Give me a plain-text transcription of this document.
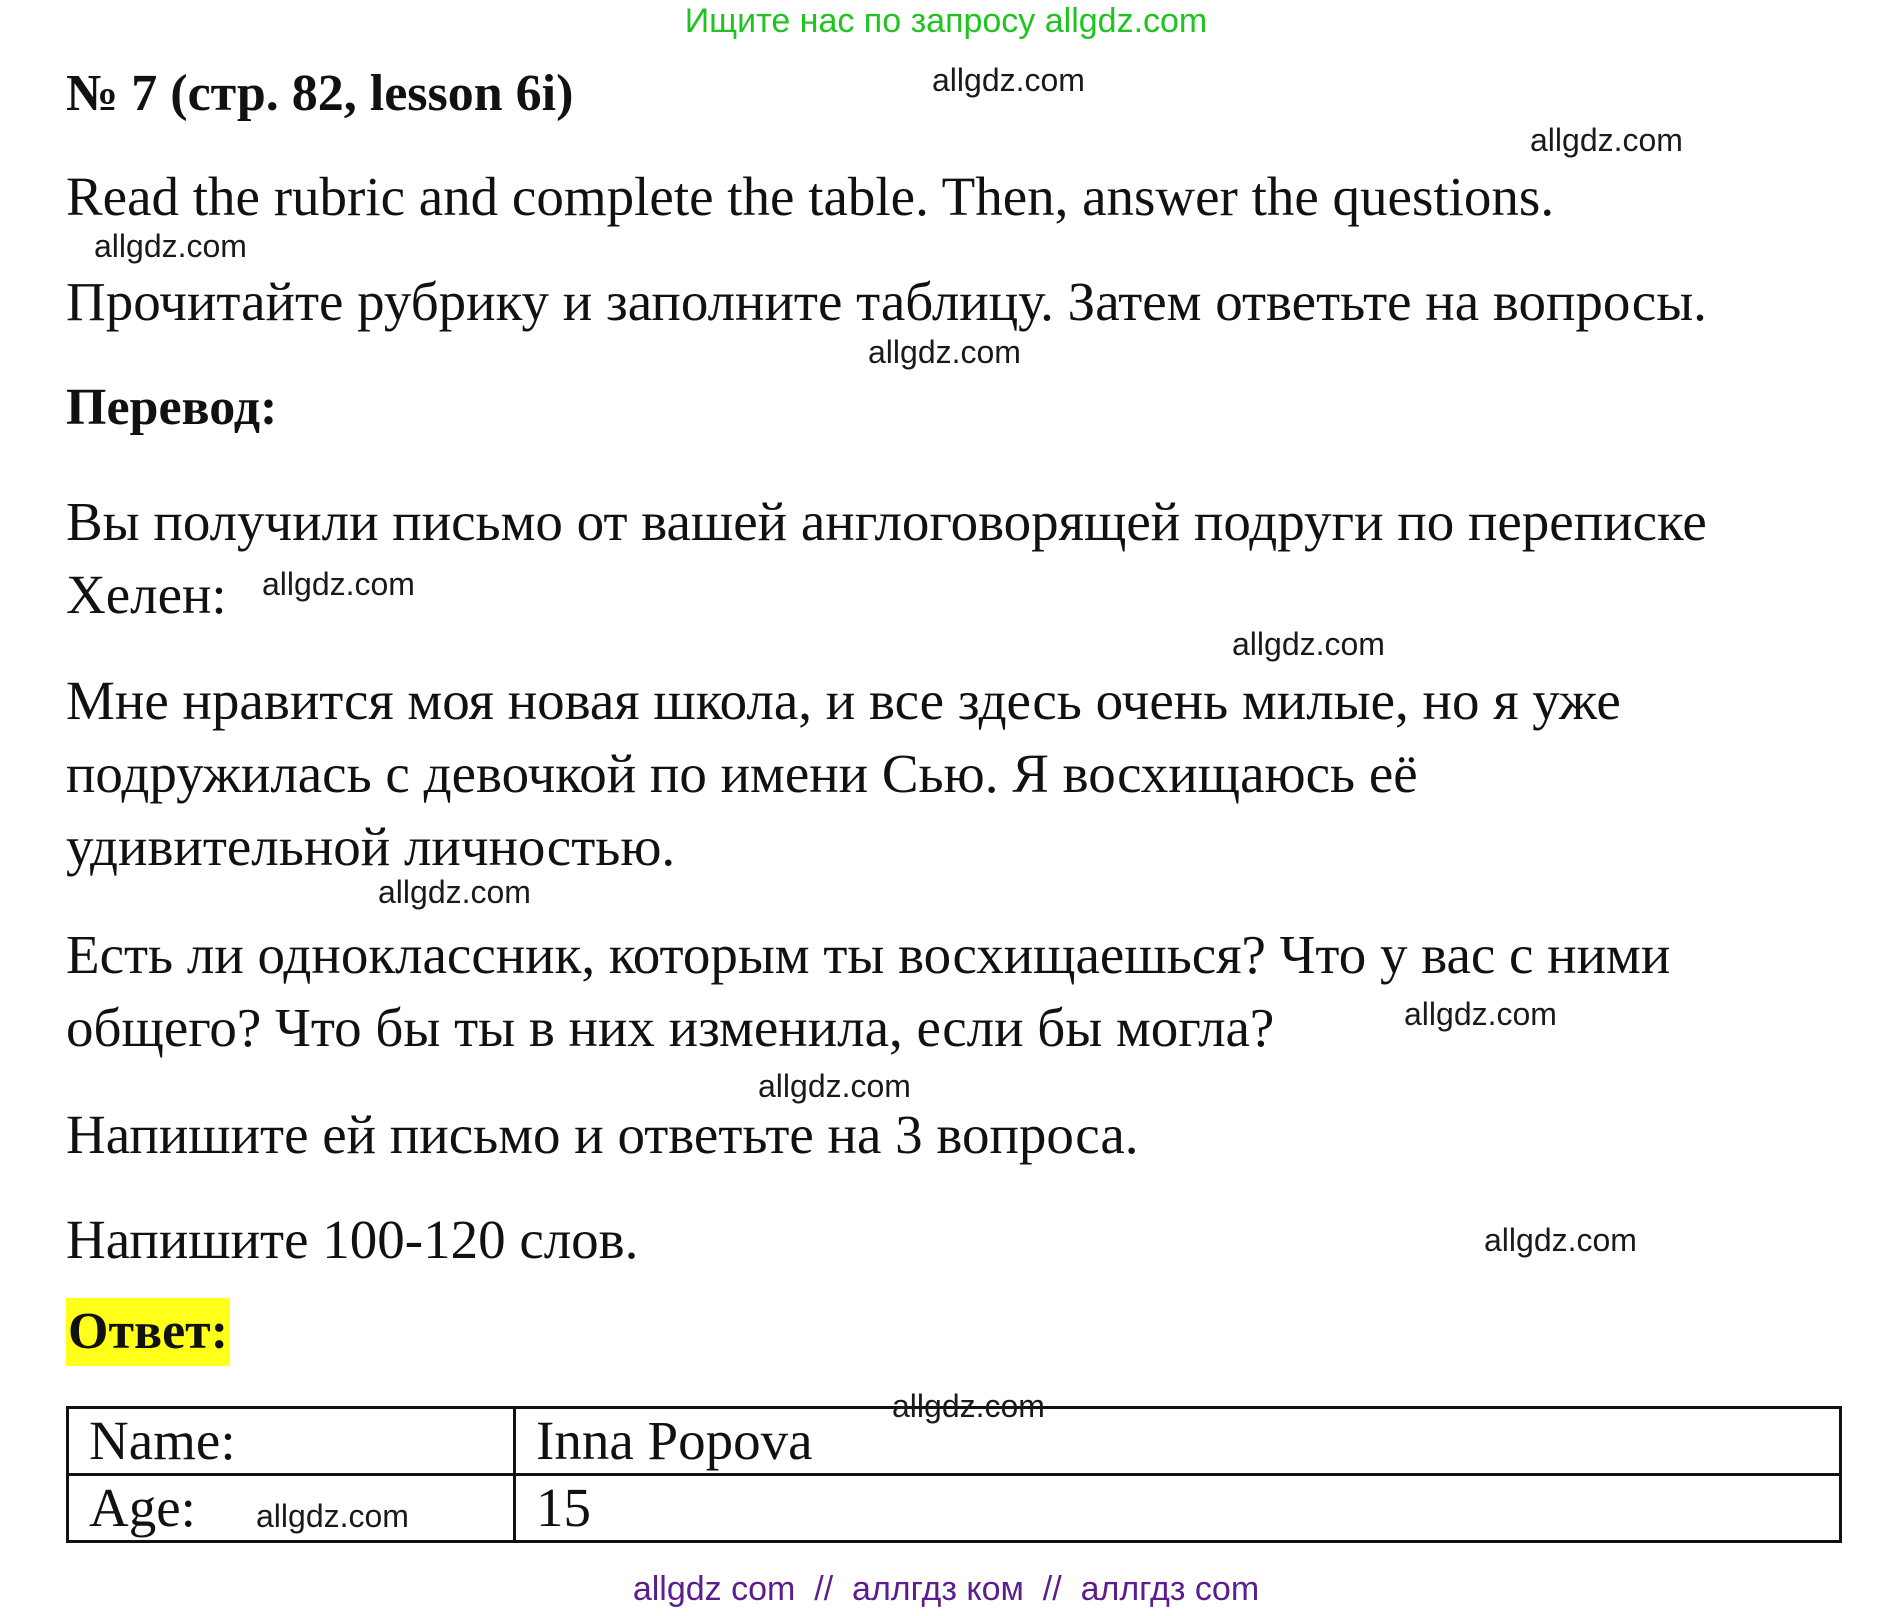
Ищите нас по запросу allgdz.com
№ 7 (стр. 82, lesson 6i)
Read the rubric and complete the table. Then, answer the questions.
Прочитайте рубрику и заполните таблицу. Затем ответьте на вопросы.
Перевод:
Вы получили письмо от вашей англоговорящей подруги по переписке
Хелен:
Мне нравится моя новая школа, и все здесь очень милые, но я уже
подружилась с девочкой по имени Сью. Я восхищаюсь её
удивительной личностью.
Есть ли одноклассник, которым ты восхищаешься? Что у вас с ними
общего? Что бы ты в них изменила, если бы могла?
Напишите ей письмо и ответьте на 3 вопроса.
Напишите 100-120 слов.
Ответ:
Name:	Inna Popova
Age:	15
allgdz.com
allgdz.com
allgdz.com
allgdz.com
allgdz.com
allgdz.com
allgdz.com
allgdz.com
allgdz.com
allgdz.com
allgdz.com
allgdz.com
allgdz com  //  аллгдз ком  //  аллгдз com
